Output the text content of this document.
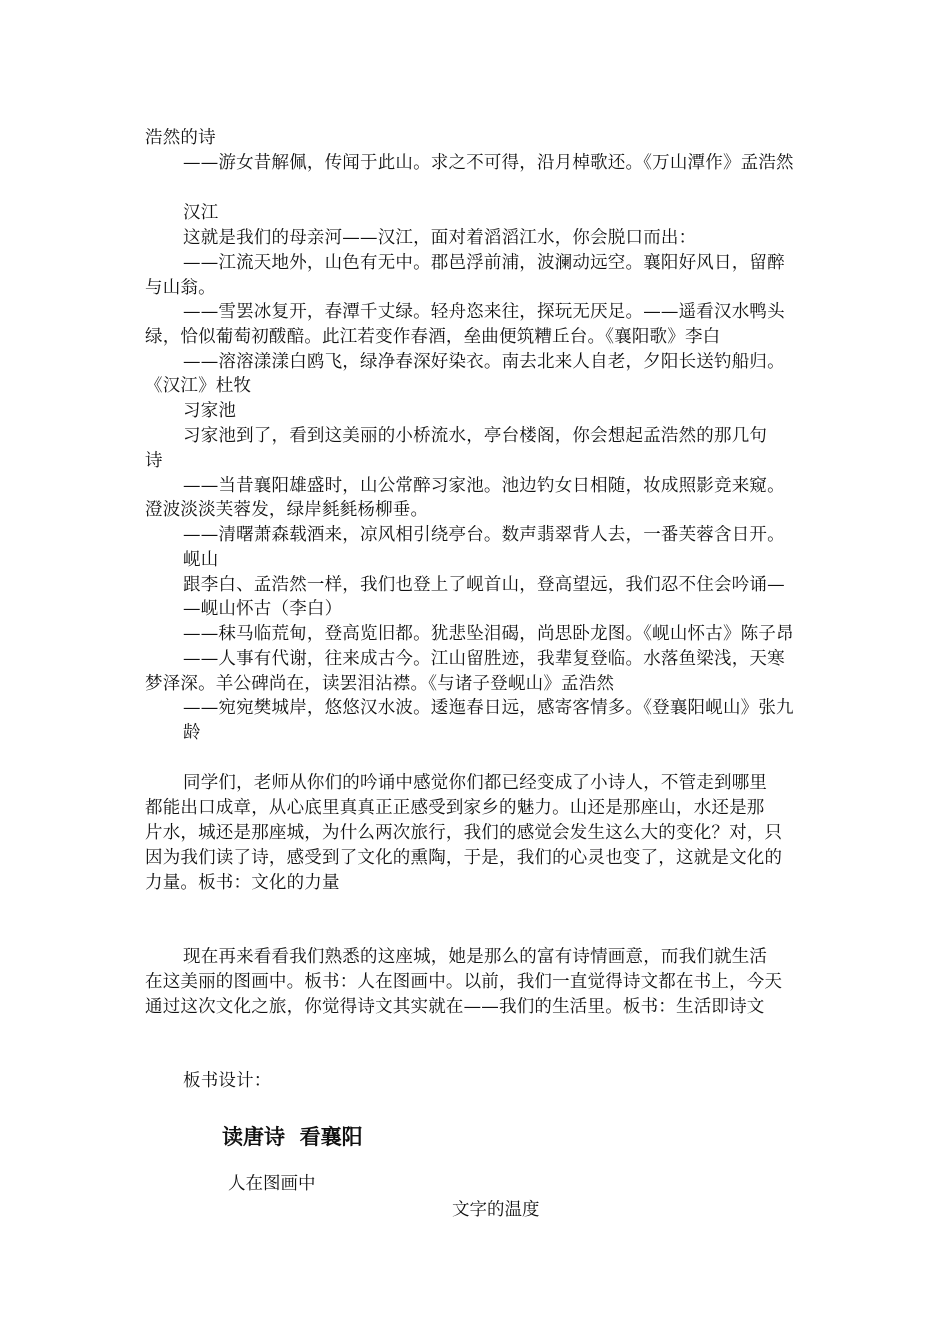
浩然的诗
——游女昔解佩，传闻于此山。求之不可得，沿月棹歌还。《万山潭作》孟浩然
汉江
这就是我们的母亲河——汉江，面对着滔滔江水，你会脱口而出：
——江流天地外，山色有无中。郡邑浮前浦，波澜动远空。襄阳好风日，留醉
与山翁。
——雪罢冰复开，春潭千丈绿。轻舟恣来往，探玩无厌足。——遥看汉水鸭头
绿，恰似葡萄初酦醅。此江若变作春酒，垒曲便筑糟丘台。《襄阳歌》李白
——溶溶漾漾白鸥飞，绿净春深好染衣。南去北来人自老，夕阳长送钓船归。
《汉江》杜牧
习家池
习家池到了，看到这美丽的小桥流水，亭台楼阁，你会想起孟浩然的那几句
诗
——当昔襄阳雄盛时，山公常醉习家池。池边钓女日相随，妆成照影竞来窥。
澄波淡淡芙蓉发，绿岸毵毵杨柳垂。
——清曙萧森载酒来，凉风相引绕亭台。数声翡翠背人去，一番芙蓉含日开。
岘山
跟李白、孟浩然一样，我们也登上了岘首山，登高望远，我们忍不住会吟诵—
—岘山怀古（李白）
——秣马临荒甸，登高览旧都。犹悲坠泪碣，尚思卧龙图。《岘山怀古》陈子昂
——人事有代谢，往来成古今。江山留胜迹，我辈复登临。水落鱼梁浅，天寒
梦泽深。羊公碑尚在，读罢泪沾襟。《与诸子登岘山》孟浩然
——宛宛樊城岸，悠悠汉水波。逶迤春日远，感寄客情多。《登襄阳岘山》张九
龄
同学们，老师从你们的吟诵中感觉你们都已经变成了小诗人，不管走到哪里
都能出口成章，从心底里真真正正感受到家乡的魅力。山还是那座山，水还是那
片水，城还是那座城，为什么两次旅行，我们的感觉会发生这么大的变化？对，只
因为我们读了诗，感受到了文化的熏陶，于是，我们的心灵也变了，这就是文化的
力量。板书：文化的力量
现在再来看看我们熟悉的这座城，她是那么的富有诗情画意，而我们就生活
在这美丽的图画中。板书：人在图画中。以前，我们一直觉得诗文都在书上，今天
通过这次文化之旅，你觉得诗文其实就在——我们的生活里。板书：生活即诗文
板书设计：
读唐诗  看襄阳
人在图画中
文字的温度
